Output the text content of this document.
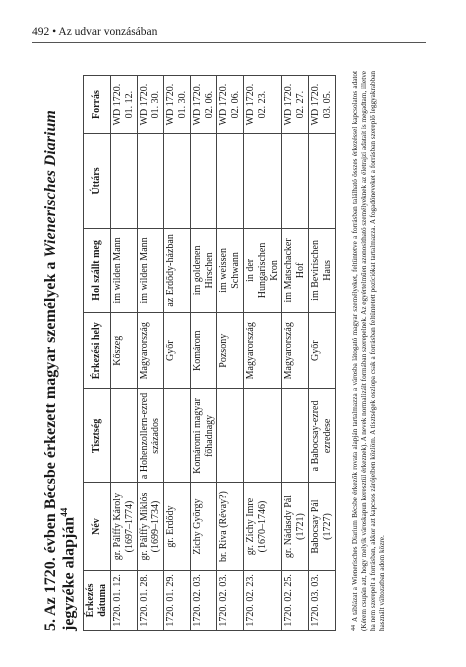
492 • Az udvar vonzásában
5. Az 1720. évben Bécsbe érkezett magyar személyek a Wienerisches Diarium jegyzéke alapján$^{44}$
Érkezés dátuma	Név	Tisztség	Érkezési hely	Hol szállt meg	Úttárs	Forrás
1720. 01. 12.	gr. Pálffy Károly (1697–1774)		Kőszeg	im wilden Mann		WD 1720. 01. 12.
1720. 01. 28.	gr. Pálffy Miklós (1699–1734)	a Hohenzollern-ezred százados	Magyarország	im wilden Mann		WD 1720. 01. 30.
1720. 01. 29.	gr. Erdődy		Győr	az Erdődy-házban		WD 1720. 01. 30.
1720. 02. 03.	Zichy György	Komáromi magyar főhadnagy	Komárom	im goldenen Hirschen		WD 1720. 02. 06.
1720. 02. 03.	br. Riva (Révay?)		Pozsony	im weissen Schwann		WD 1720. 02. 06.
1720. 02. 23.	gr. Zichy Imre (1670–1746)		Magyarország	in der Hungarischen Kron		WD 1720. 02. 23.
1720. 02. 25.	gr. Nádasdy Pál (1721)		Magyarország	im Matschacker Hof		WD 1720. 02. 27.
1720. 03. 03.	Babocsay Pál (1727)	a Babocsay-ezred ezredese	Győr	im Bevirischen Haus		WD 1720. 03. 05.
$^{44}$A táblázat a Wienerisches Diarium Bécsbe érkezők rovata alapján tartalmazza a városba látogató magyar személyeket, feltüntetve a forrásban található összes érkezéssel kapcsolatos adatot (Kérem csupán azt, hogy melyik városkapun keresztül érkeznek). A nevek normalizált formában szerepelnek. Az egyértelműen azonosítható személyeknek az életrajzi adatait is megadtam, illetve ha nem szerepelt a forrásban, akkor azt kapcsos zárójelben közlöm. A tisztségek oszlopa csak a forrásban feltüntetett pozíciókat tartalmazza. A fogadóneveket a forrásban szereplő leggyakrabban használt változatban adom közre.
